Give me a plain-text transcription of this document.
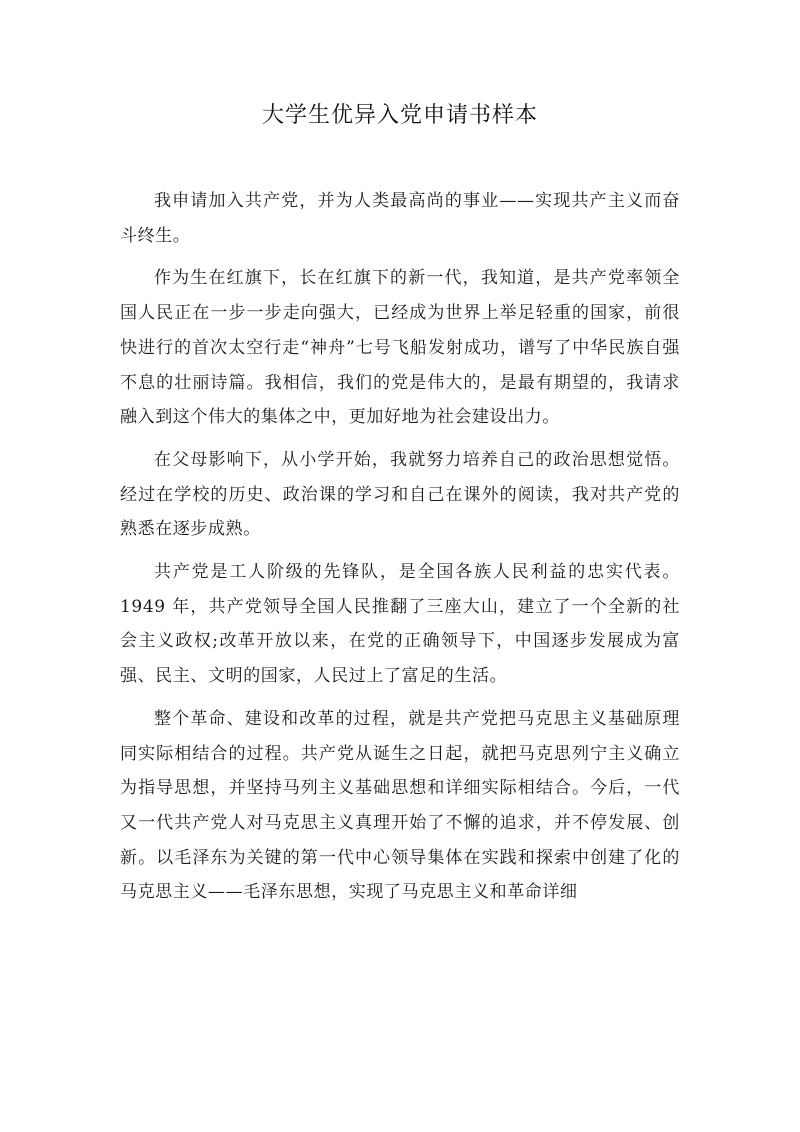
大学生优异入党申请书样本

我申请加入共产党，并为人类最高尚的事业——实现共产主义而奋斗终生。

作为生在红旗下，长在红旗下的新一代，我知道，是共产党率领全国人民正在一步一步走向强大，已经成为世界上举足轻重的国家，前很快进行的首次太空行走“神舟”七号飞船发射成功，谱写了中华民族自强不息的壮丽诗篇。我相信，我们的党是伟大的，是最有期望的，我请求融入到这个伟大的集体之中，更加好地为社会建设出力。

在父母影响下，从小学开始，我就努力培养自己的政治思想觉悟。经过在学校的历史、政治课的学习和自己在课外的阅读，我对共产党的熟悉在逐步成熟。

共产党是工人阶级的先锋队，是全国各族人民利益的忠实代表。1949 年，共产党领导全国人民推翻了三座大山，建立了一个全新的社会主义政权;改革开放以来，在党的正确领导下，中国逐步发展成为富强、民主、文明的国家，人民过上了富足的生活。

整个革命、建设和改革的过程，就是共产党把马克思主义基础原理同实际相结合的过程。共产党从诞生之日起，就把马克思列宁主义确立为指导思想，并坚持马列主义基础思想和详细实际相结合。今后，一代又一代共产党人对马克思主义真理开始了不懈的追求，并不停发展、创新。以毛泽东为关键的第一代中心领导集体在实践和探索中创建了化的马克思主义——毛泽东思想，实现了马克思主义和革命详细
